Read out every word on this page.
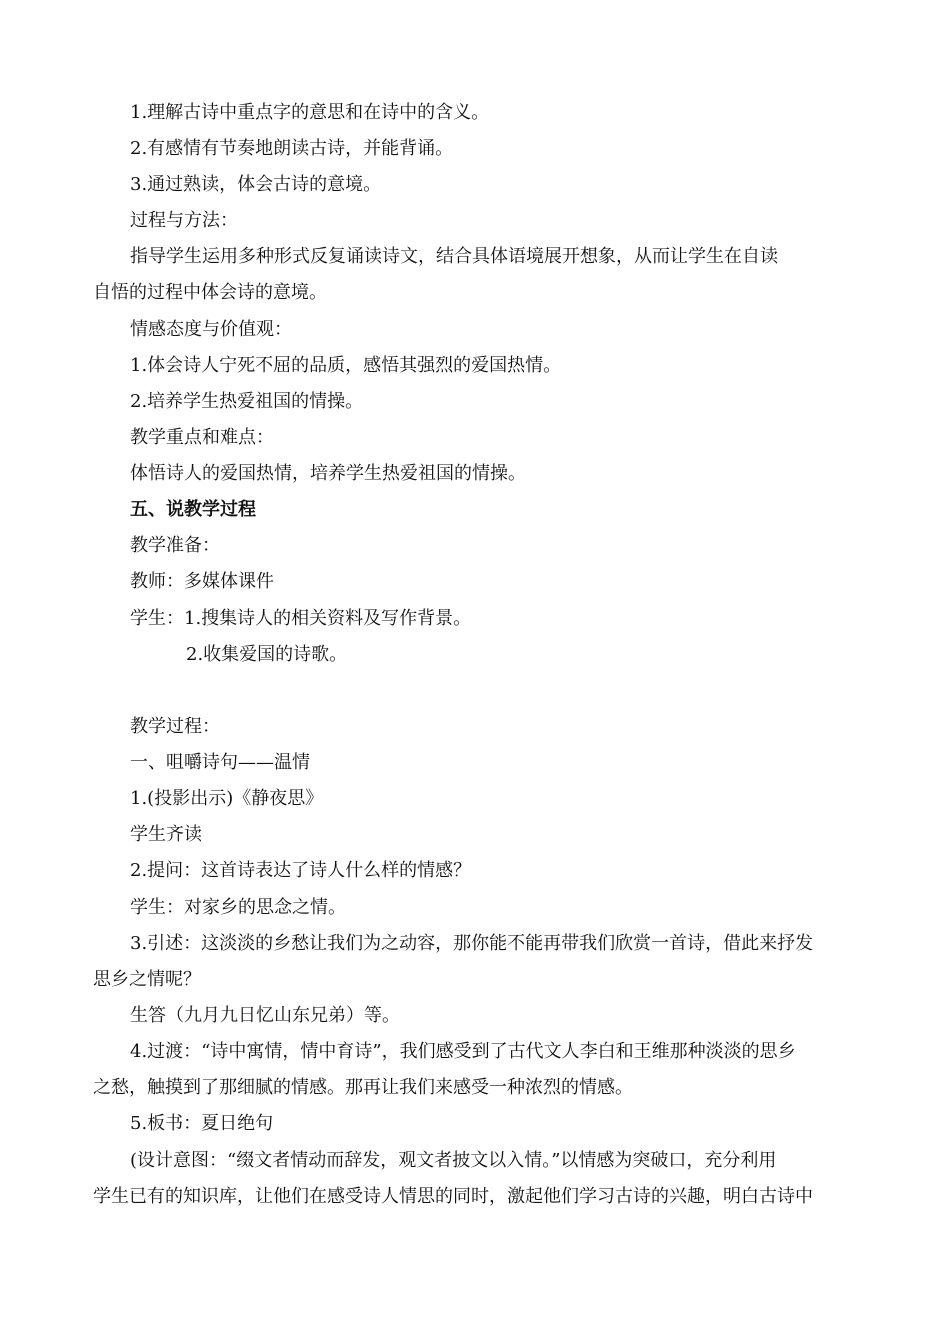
1.理解古诗中重点字的意思和在诗中的含义。

2.有感情有节奏地朗读古诗，并能背诵。

3.通过熟读，体会古诗的意境。

过程与方法：

指导学生运用多种形式反复诵读诗文，结合具体语境展开想象，从而让学生在自读

自悟的过程中体会诗的意境。

情感态度与价值观：

1.体会诗人宁死不屈的品质，感悟其强烈的爱国热情。

2.培养学生热爱祖国的情操。

教学重点和难点：

体悟诗人的爱国热情，培养学生热爱祖国的情操。

五、说教学过程

教学准备：

教师：多媒体课件

学生：1.搜集诗人的相关资料及写作背景。

2.收集爱国的诗歌。

教学过程：

一、咀嚼诗句——温情

1.(投影出示)《静夜思》

学生齐读

2.提问：这首诗表达了诗人什么样的情感？

学生：对家乡的思念之情。

3.引述：这淡淡的乡愁让我们为之动容，那你能不能再带我们欣赏一首诗，借此来抒发

思乡之情呢？

生答（九月九日忆山东兄弟）等。

4.过渡：“诗中寓情，情中育诗”，我们感受到了古代文人李白和王维那种淡淡的思乡

之愁，触摸到了那细腻的情感。那再让我们来感受一种浓烈的情感。

5.板书：夏日绝句

(设计意图：“缀文者情动而辞发，观文者披文以入情。”以情感为突破口，充分利用

学生已有的知识库，让他们在感受诗人情思的同时，激起他们学习古诗的兴趣，明白古诗中
